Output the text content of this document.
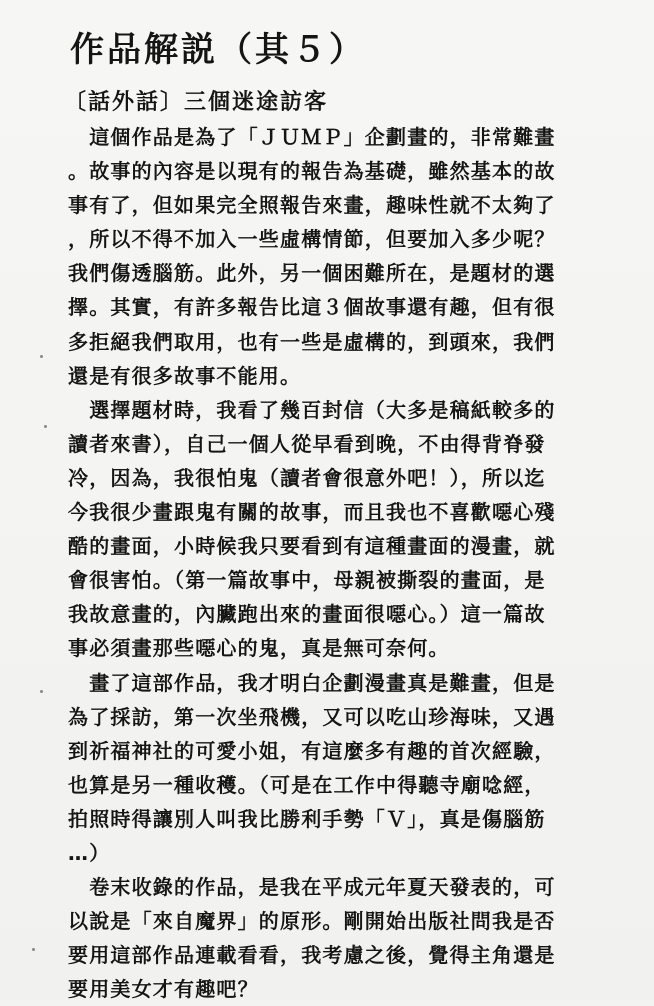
作品解説（其５）
〔話外話〕三個迷途訪客
　這個作品是為了「ＪＵＭＰ」企劃畫的，非常難畫
。故事的內容是以現有的報告為基礎，雖然基本的故
事有了，但如果完全照報告來畫，趣味性就不太夠了
，所以不得不加入一些虛構情節，但要加入多少呢？
我們傷透腦筋。此外，另一個困難所在，是題材的選
擇。其實，有許多報告比這３個故事還有趣，但有很
多拒絕我們取用，也有一些是虛構的，到頭來，我們
還是有很多故事不能用。
　選擇題材時，我看了幾百封信（大多是稿紙較多的
讀者來書），自己一個人從早看到晚，不由得背脊發
冷，因為，我很怕鬼（讀者會很意外吧！），所以迄
今我很少畫跟鬼有關的故事，而且我也不喜歡噁心殘
酷的畫面，小時候我只要看到有這種畫面的漫畫，就
會很害怕。（第一篇故事中，母親被撕裂的畫面，是
我故意畫的，內臟跑出來的畫面很噁心。）這一篇故
事必須畫那些噁心的鬼，真是無可奈何。
　畫了這部作品，我才明白企劃漫畫真是難畫，但是
為了採訪，第一次坐飛機，又可以吃山珍海味，又遇
到祈福神社的可愛小姐，有這麼多有趣的首次經驗，
也算是另一種收穫。（可是在工作中得聽寺廟唸經，
拍照時得讓別人叫我比勝利手勢「Ｖ」，真是傷腦筋
…）
　卷末收錄的作品，是我在平成元年夏天發表的，可
以說是「來自魔界」的原形。剛開始出版社問我是否
要用這部作品連載看看，我考慮之後，覺得主角還是
要用美女才有趣吧？
